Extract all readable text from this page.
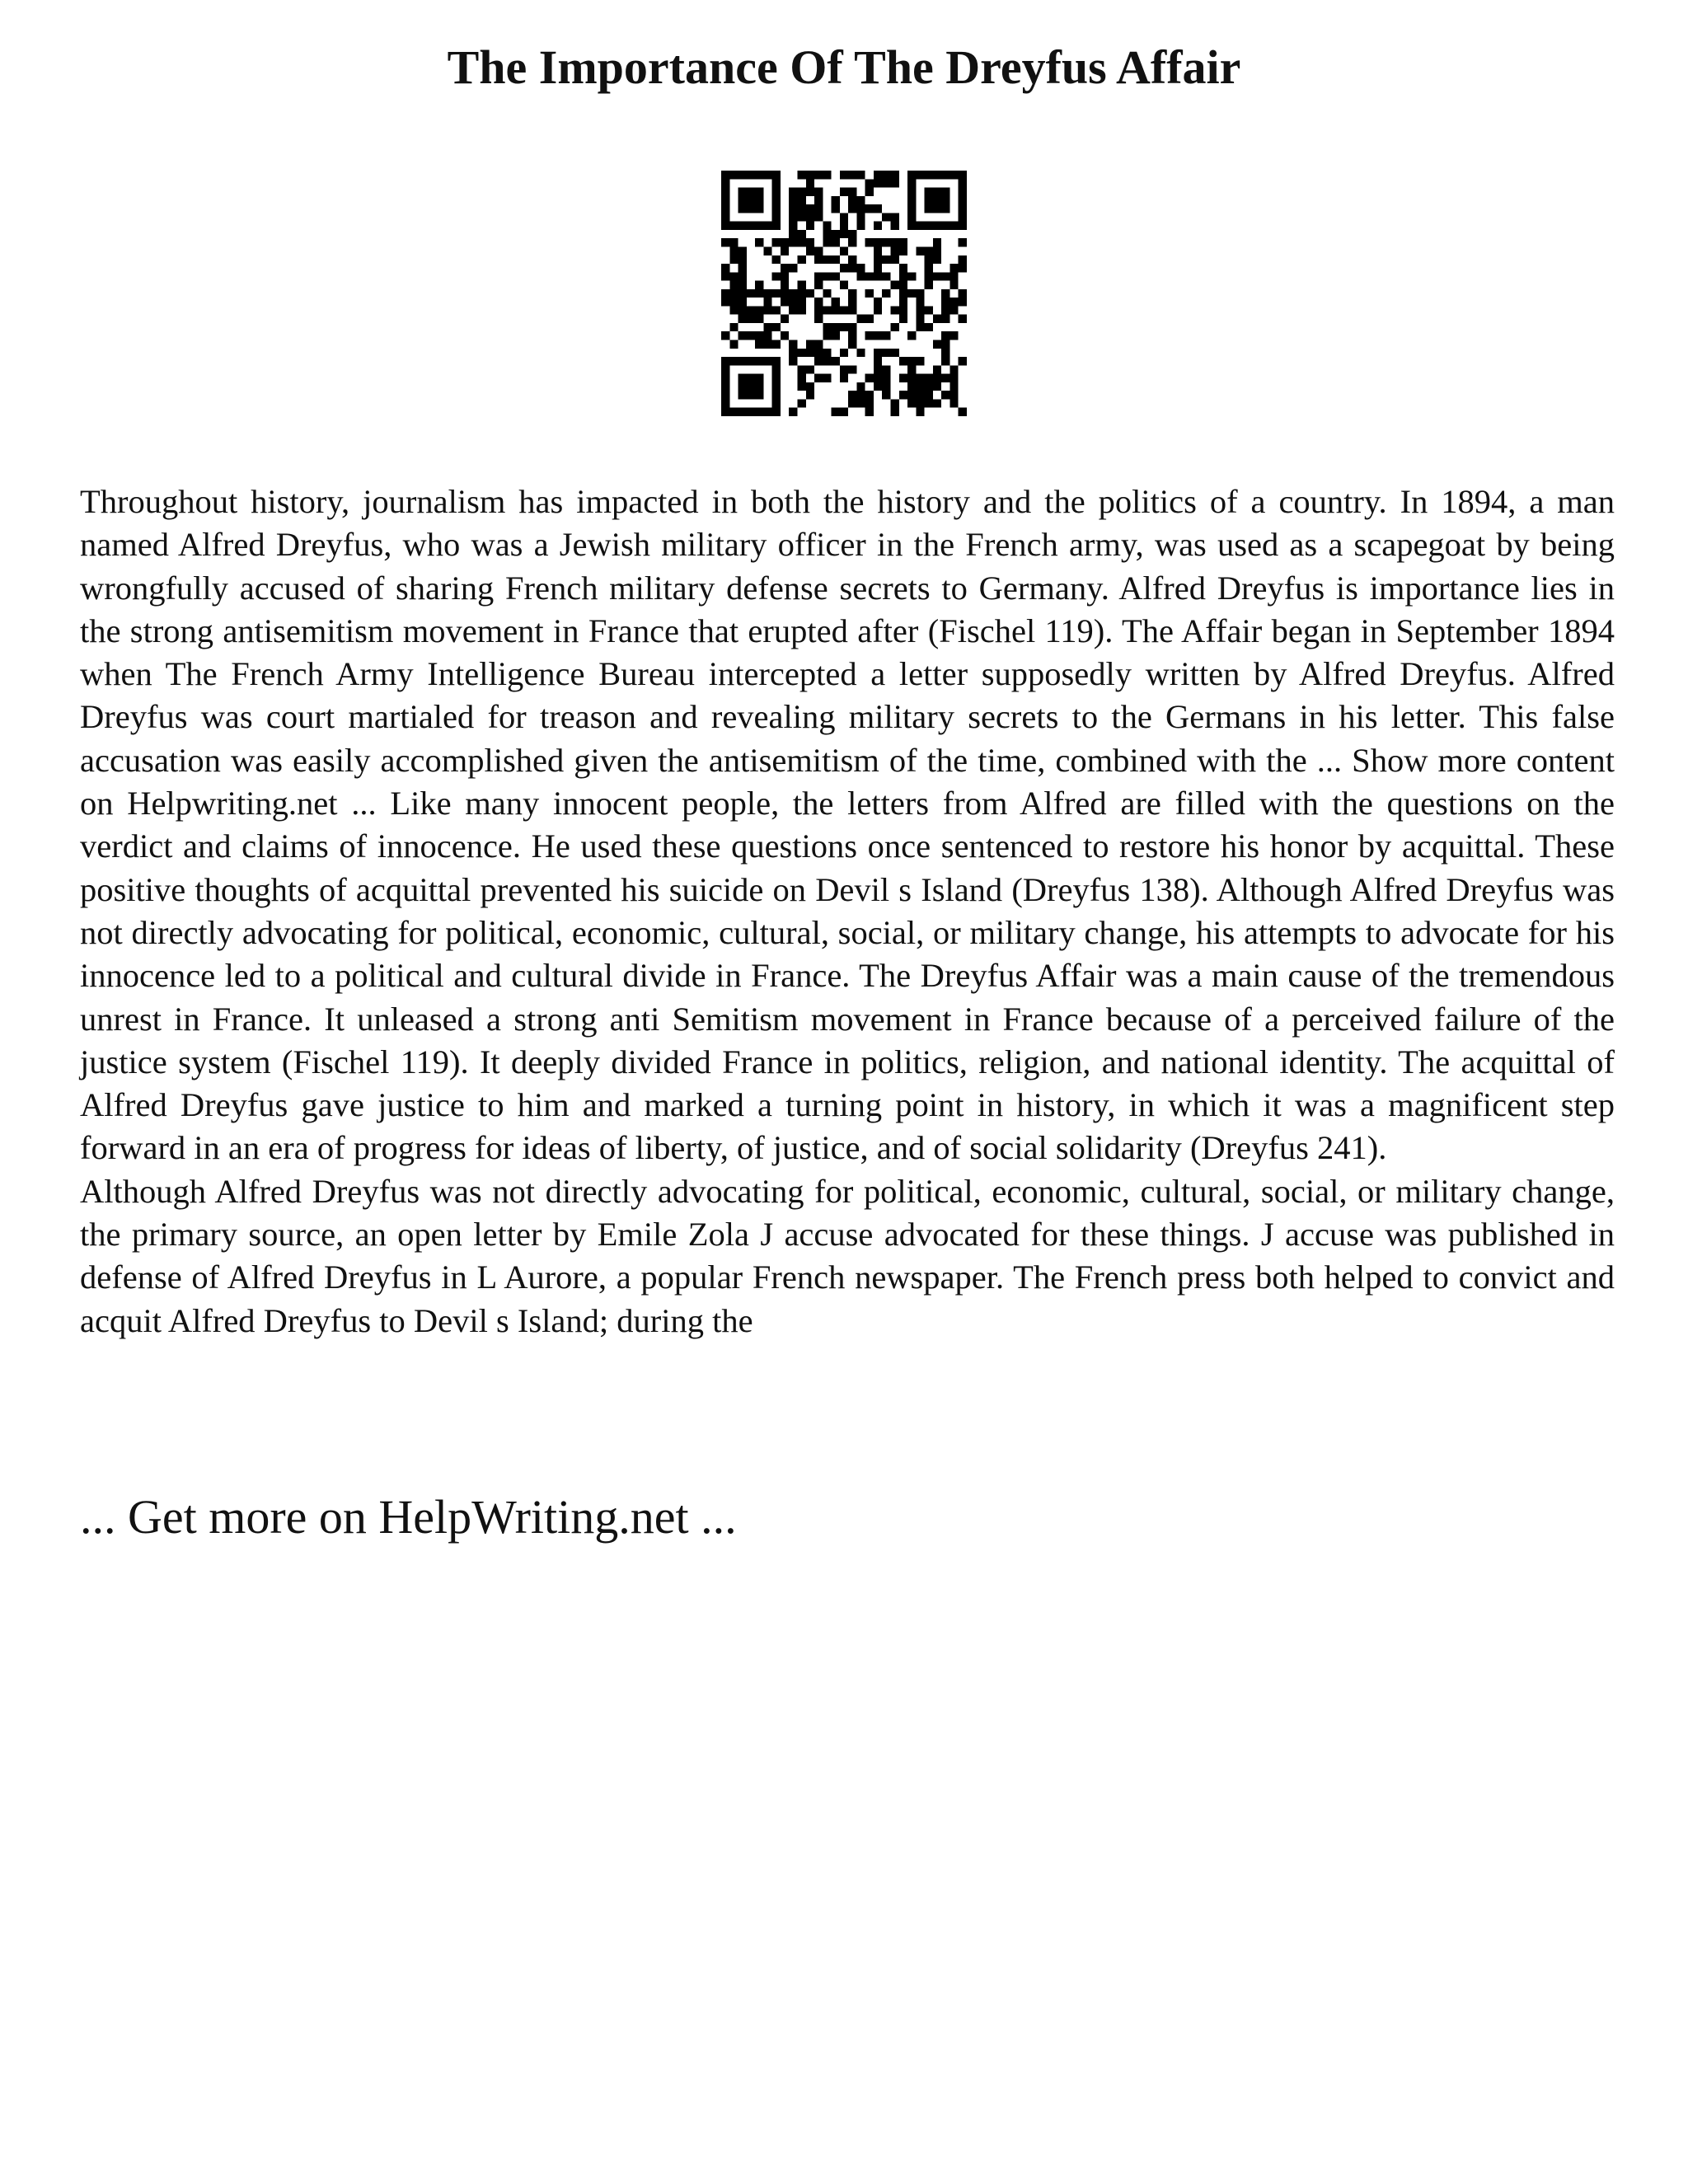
The Importance Of The Dreyfus Affair

Throughout history, journalism has impacted in both the history and the politics of a country. In 1894, a man named Alfred Dreyfus, who was a Jewish military officer in the French army, was used as a scapegoat by being wrongfully accused of sharing French military defense secrets to Germany. Alfred Dreyfus is importance lies in the strong antisemitism movement in France that erupted after (Fischel 119). The Affair began in September 1894 when The French Army Intelligence Bureau intercepted a letter supposedly written by Alfred Dreyfus. Alfred Dreyfus was court martialed for treason and revealing military secrets to the Germans in his letter. This false accusation was easily accomplished given the antisemitism of the time, combined with the ... Show more content on Helpwriting.net ... Like many innocent people, the letters from Alfred are filled with the questions on the verdict and claims of innocence. He used these questions once sentenced to restore his honor by acquittal. These positive thoughts of acquittal prevented his suicide on Devil s Island (Dreyfus 138). Although Alfred Dreyfus was not directly advocating for political, economic, cultural, social, or military change, his attempts to advocate for his innocence led to a political and cultural divide in France. The Dreyfus Affair was a main cause of the tremendous unrest in France. It unleased a strong anti Semitism movement in France because of a perceived failure of the justice system (Fischel 119). It deeply divided France in politics, religion, and national identity. The acquittal of Alfred Dreyfus gave justice to him and marked a turning point in history, in which it was a magnificent step forward in an era of progress for ideas of liberty, of justice, and of social solidarity (Dreyfus 241).

Although Alfred Dreyfus was not directly advocating for political, economic, cultural, social, or military change, the primary source, an open letter by Emile Zola J accuse advocated for these things. J accuse was published in defense of Alfred Dreyfus in L Aurore, a popular French newspaper. The French press both helped to convict and acquit Alfred Dreyfus to Devil s Island; during the

... Get more on HelpWriting.net ...
